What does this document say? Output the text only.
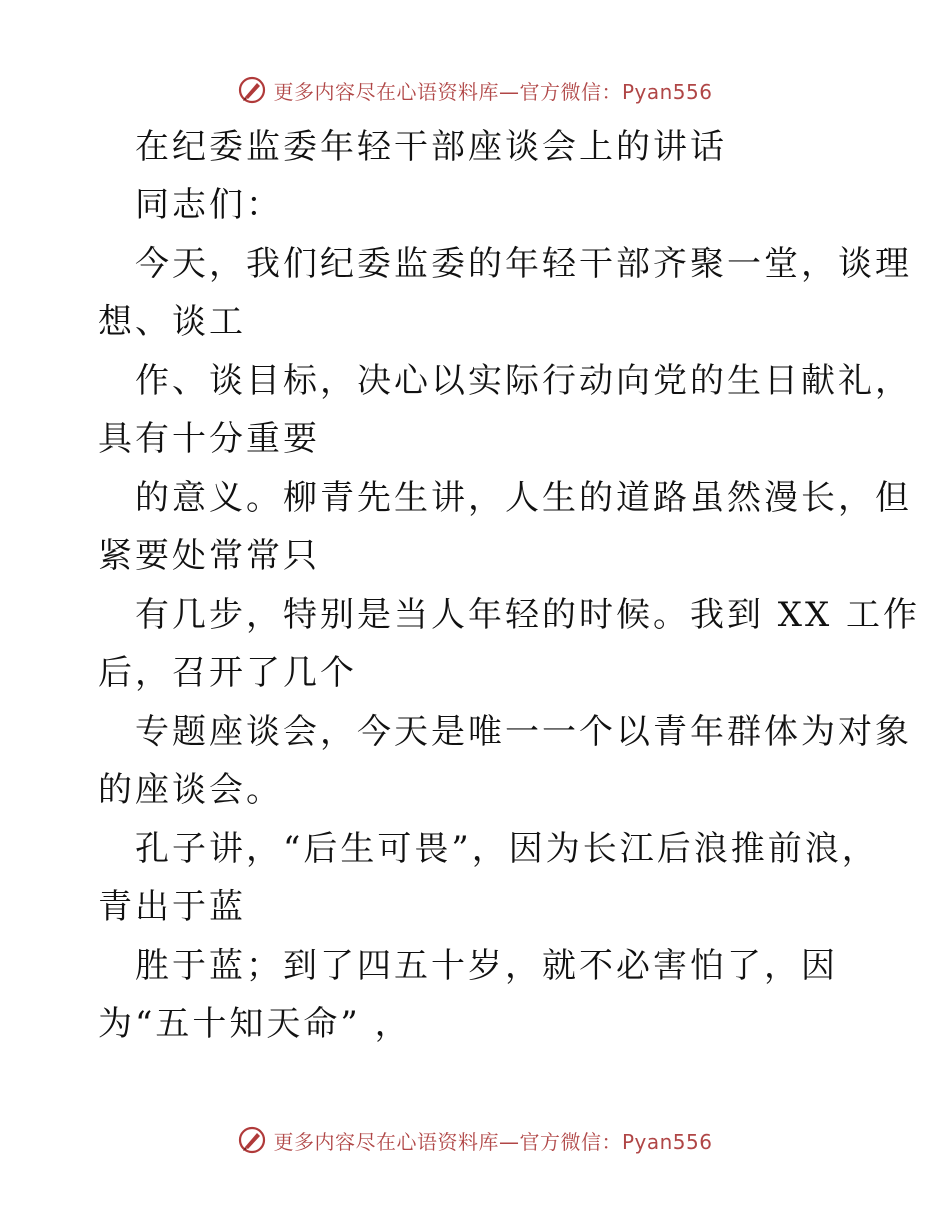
更多内容尽在心语资料库—官方微信：Pyan556
在纪委监委年轻干部座谈会上的讲话
同志们：
今天，我们纪委监委的年轻干部齐聚一堂，谈理
想、谈工
作、谈目标，决心以实际行动向党的生日献礼，
具有十分重要
的意义。柳青先生讲，人生的道路虽然漫长，但
紧要处常常只
有几步，特别是当人年轻的时候。我到 XX 工作
后，召开了几个
专题座谈会，今天是唯一一个以青年群体为对象
的座谈会。
孔子讲，“后生可畏”，因为长江后浪推前浪，
青出于蓝
胜于蓝；到了四五十岁，就不必害怕了，因
为“五十知天命” ，
更多内容尽在心语资料库—官方微信：Pyan556
